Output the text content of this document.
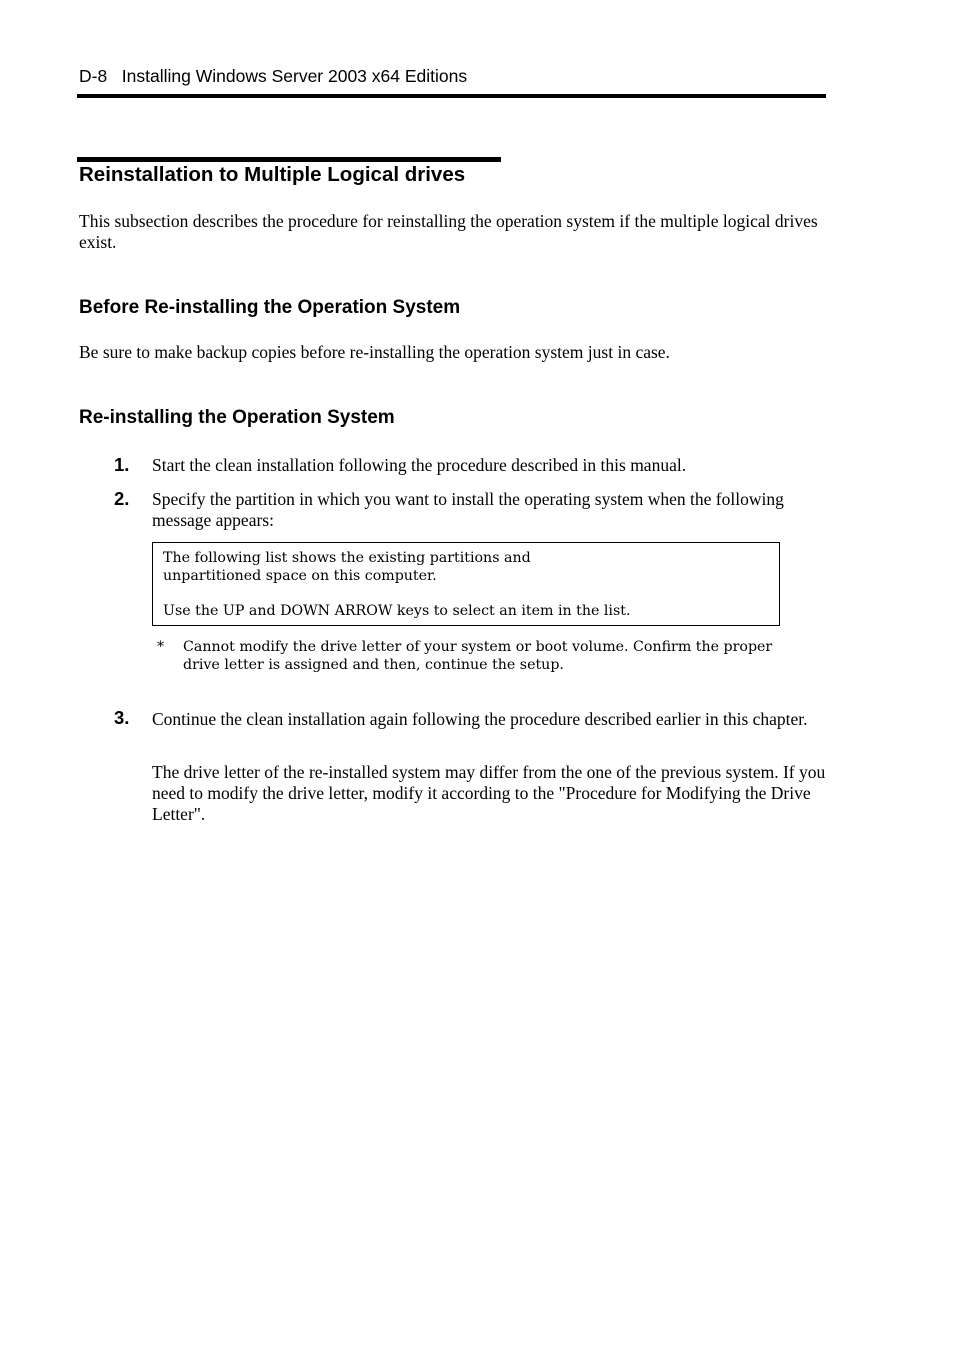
D-8 Installing Windows Server 2003 x64 Editions
Reinstallation to Multiple Logical drives
This subsection describes the procedure for reinstalling the operation system if the multiple logical drives exist.
Before Re-installing the Operation System
Be sure to make backup copies before re-installing the operation system just in case.
Re-installing the Operation System
1. Start the clean installation following the procedure described in this manual.
2. Specify the partition in which you want to install the operating system when the following message appears:
The following list shows the existing partitions and
unpartitioned space on this computer.
Use the UP and DOWN ARROW keys to select an item in the list.
* Cannot modify the drive letter of your system or boot volume. Confirm the proper drive letter is assigned and then, continue the setup.
3. Continue the clean installation again following the procedure described earlier in this chapter.
The drive letter of the re-installed system may differ from the one of the previous system. If you need to modify the drive letter, modify it according to the "Procedure for Modifying the Drive Letter".
